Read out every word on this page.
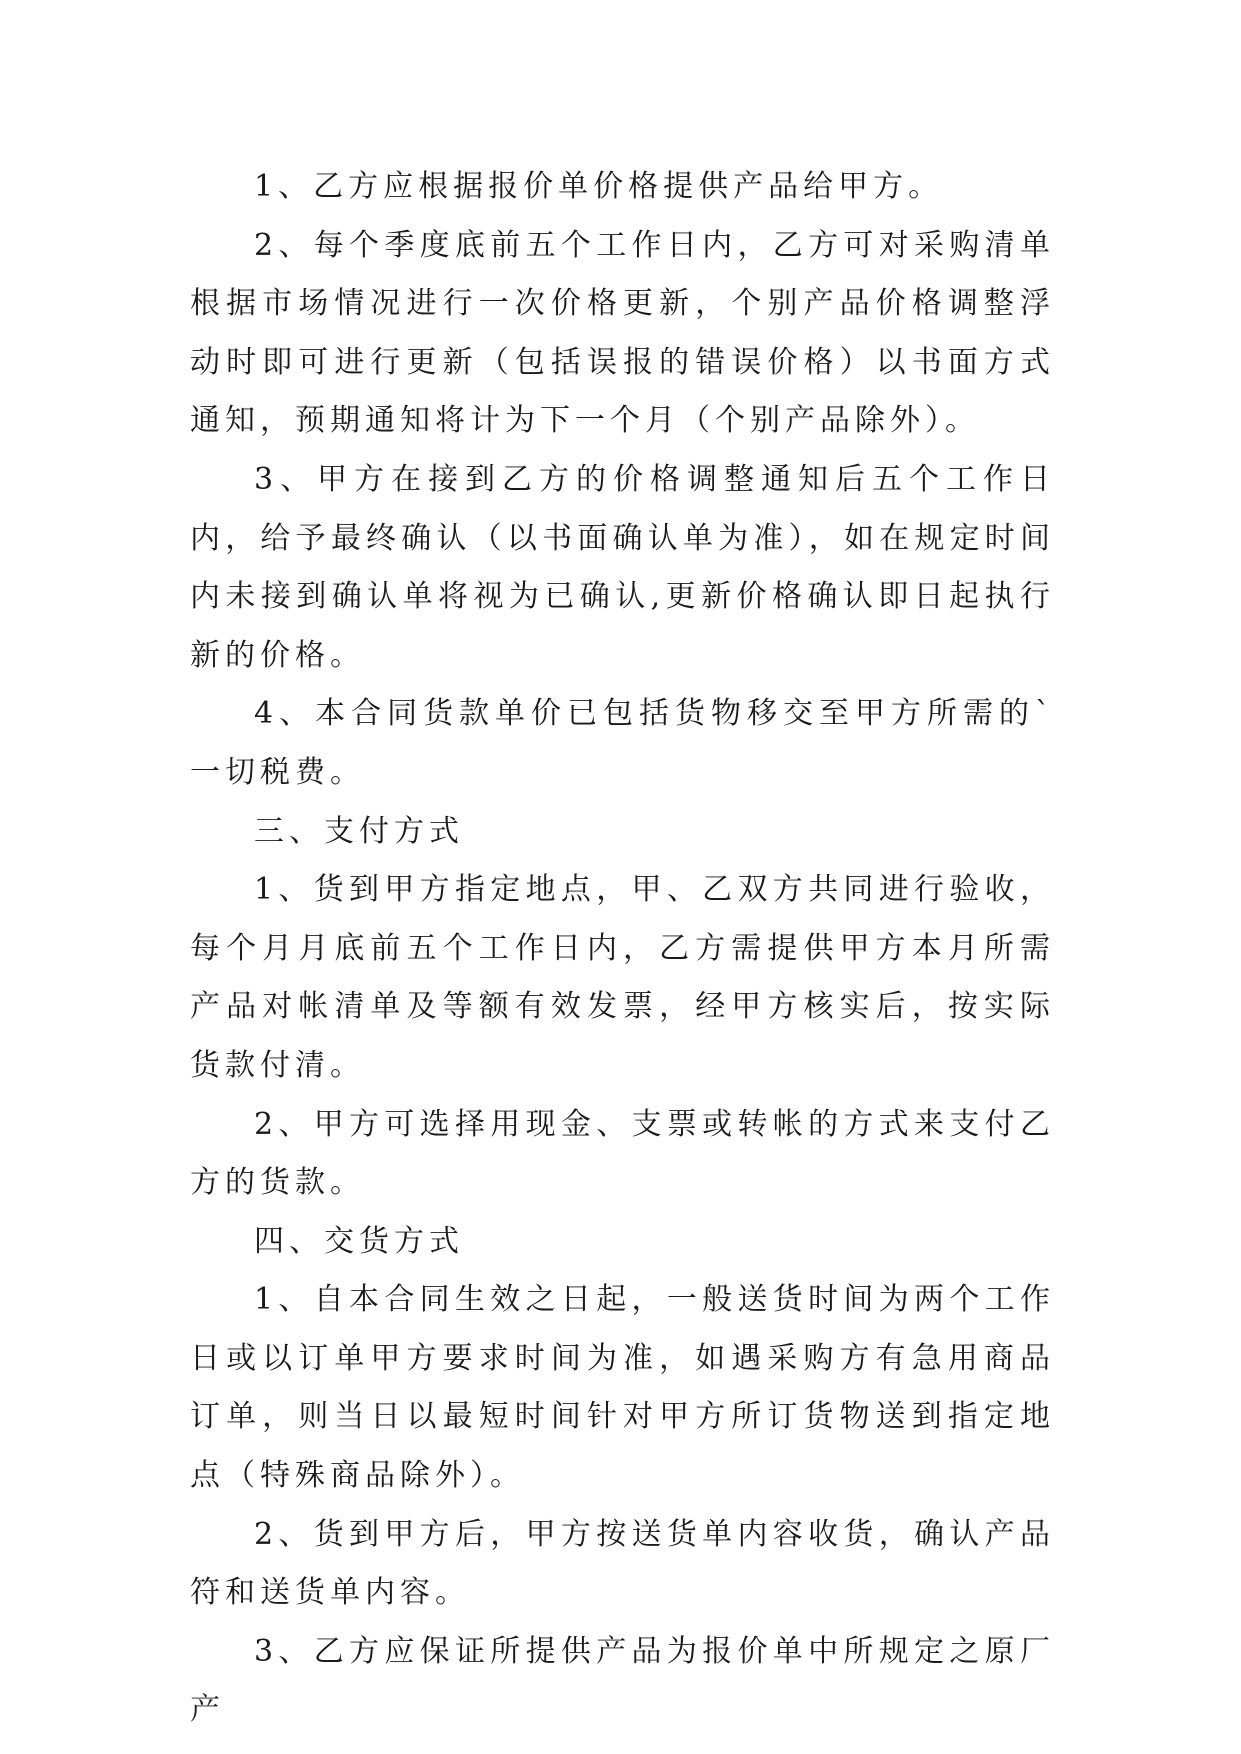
1、乙方应根据报价单价格提供产品给甲方。

2、每个季度底前五个工作日内，乙方可对采购清单根据市场情况进行一次价格更新，个别产品价格调整浮动时即可进行更新（包括误报的错误价格）以书面方式通知，预期通知将计为下一个月（个别产品除外）。

3、甲方在接到乙方的价格调整通知后五个工作日内，给予最终确认（以书面确认单为准），如在规定时间内未接到确认单将视为已确认,更新价格确认即日起执行新的价格。

4、本合同货款单价已包括货物移交至甲方所需的`一切税费。

三、支付方式

1、货到甲方指定地点，甲、乙双方共同进行验收，每个月月底前五个工作日内，乙方需提供甲方本月所需产品对帐清单及等额有效发票，经甲方核实后，按实际货款付清。

2、甲方可选择用现金、支票或转帐的方式来支付乙方的货款。

四、交货方式

1、自本合同生效之日起，一般送货时间为两个工作日或以订单甲方要求时间为准，如遇采购方有急用商品订单，则当日以最短时间针对甲方所订货物送到指定地点（特殊商品除外）。

2、货到甲方后，甲方按送货单内容收货，确认产品符和送货单内容。

3、乙方应保证所提供产品为报价单中所规定之原厂产
